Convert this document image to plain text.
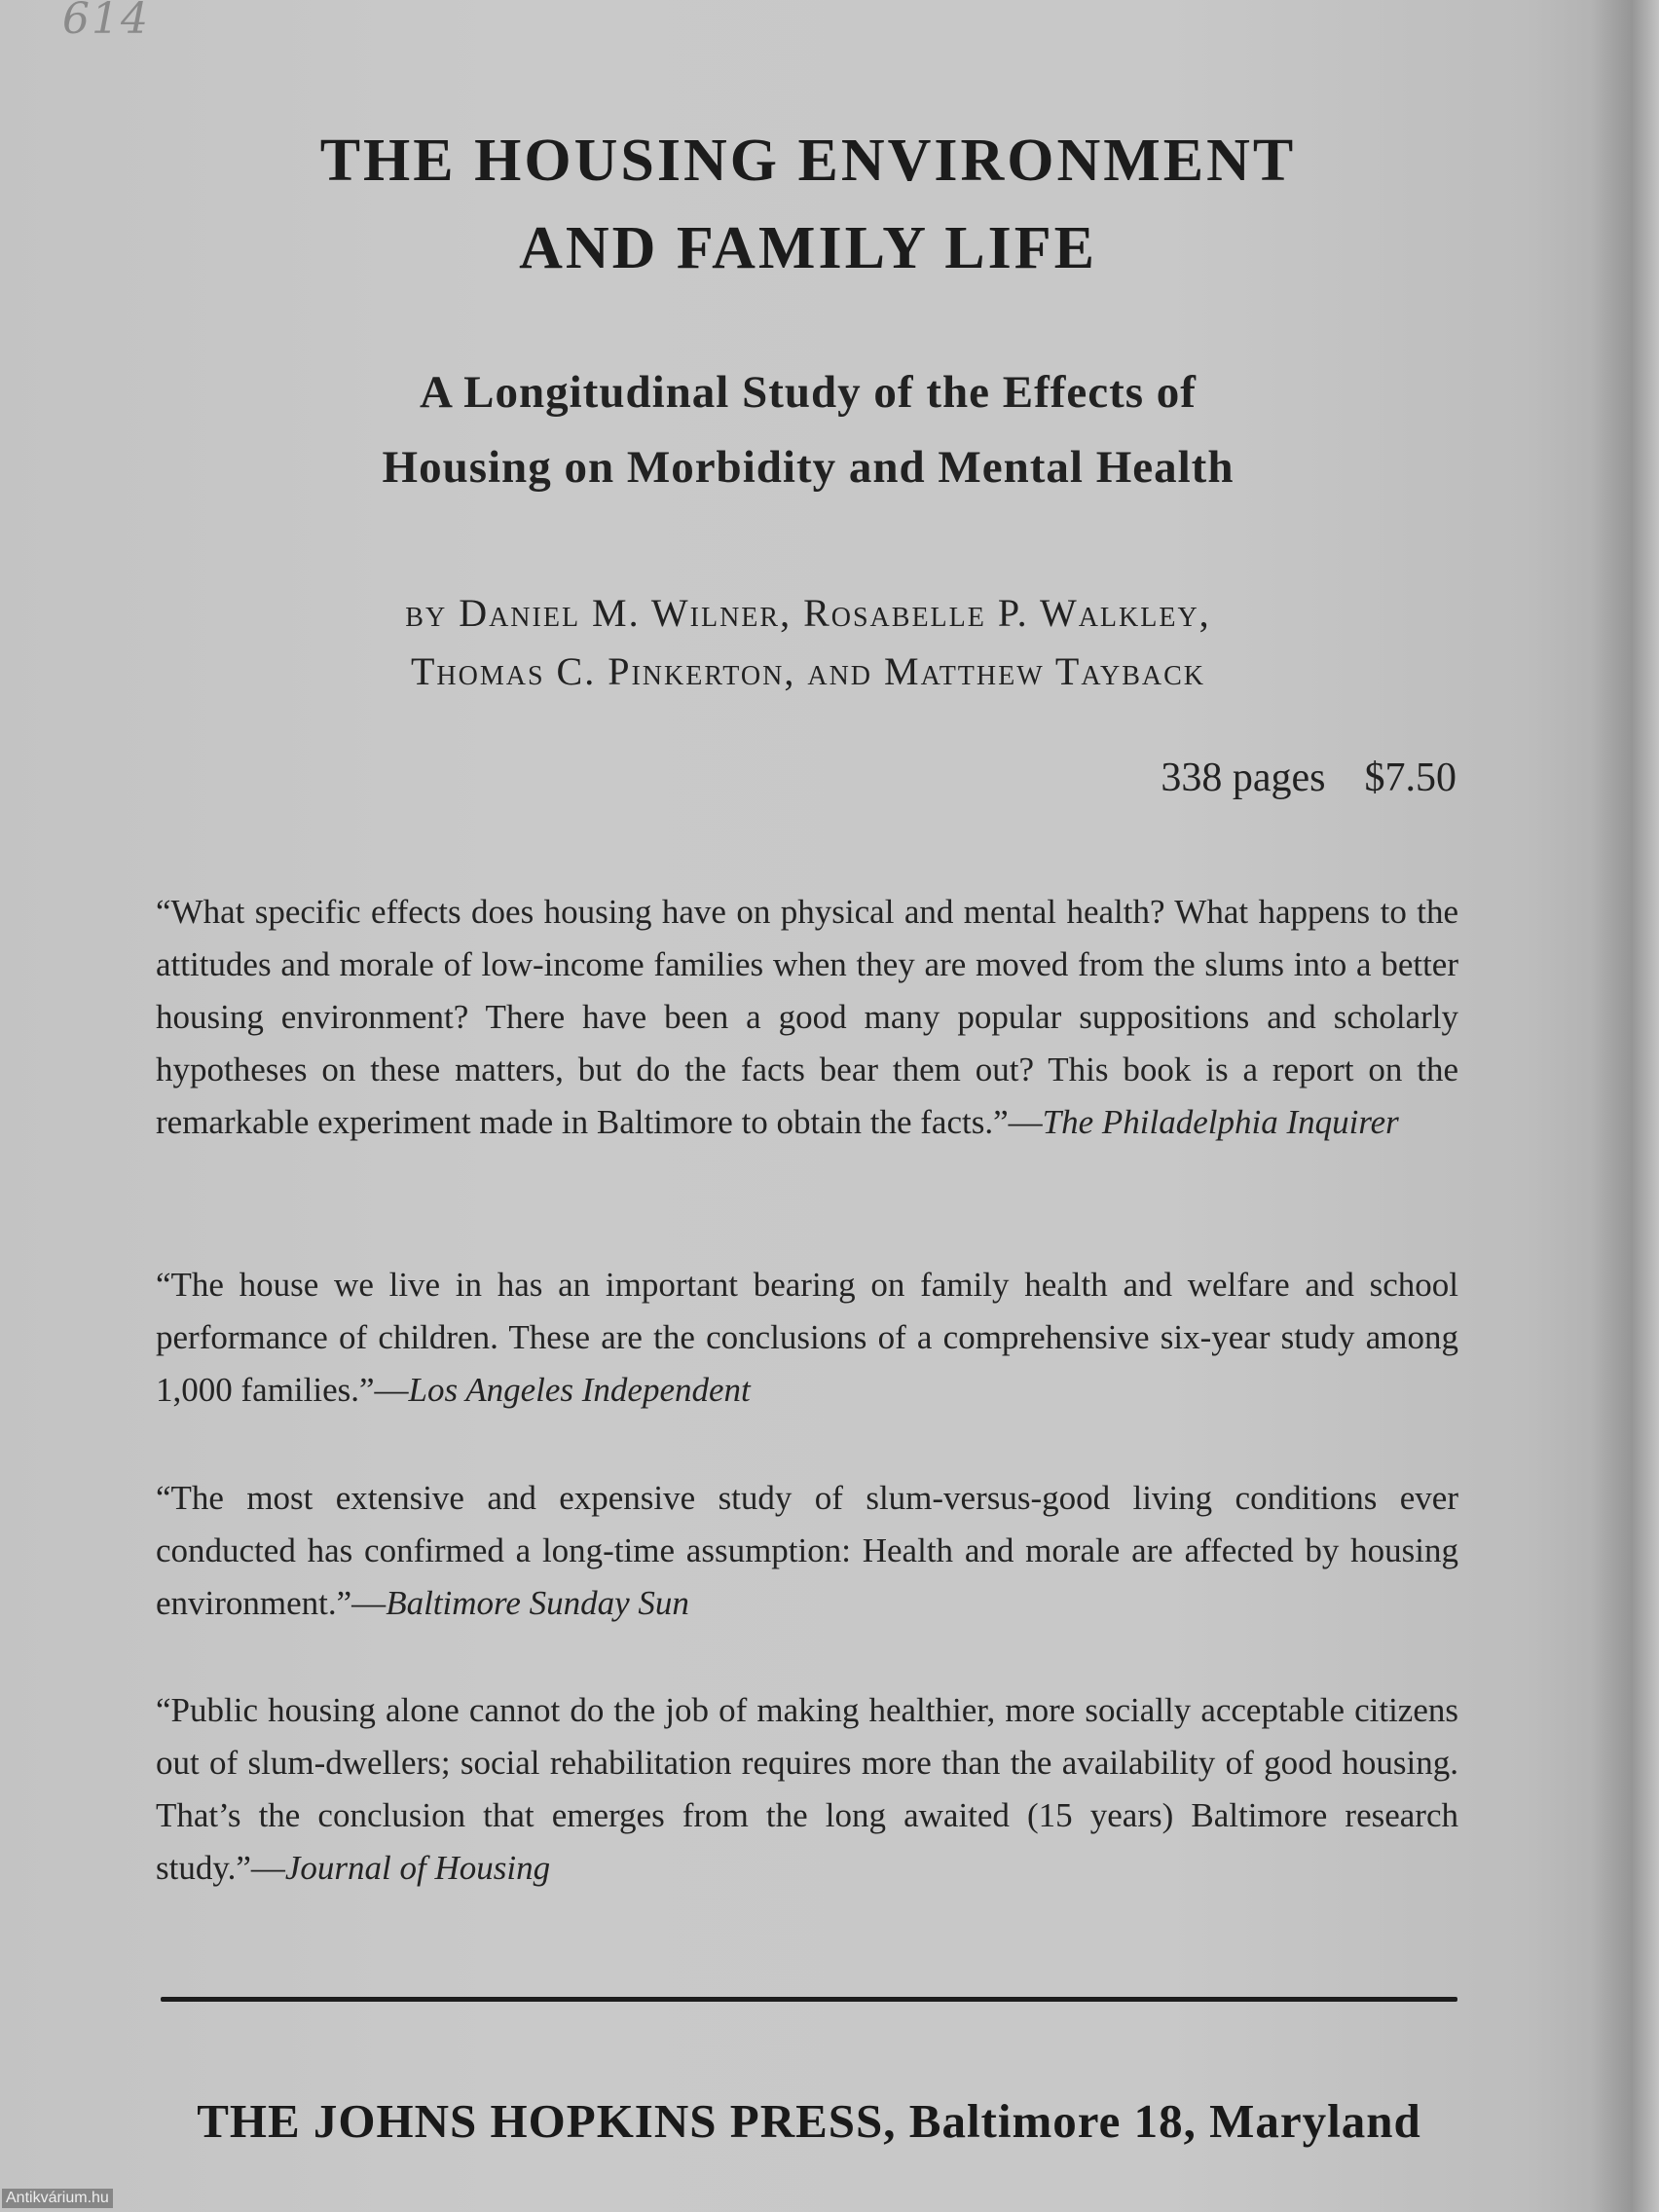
614
THE HOUSING ENVIRONMENT
AND FAMILY LIFE
A Longitudinal Study of the Effects of
Housing on Morbidity and Mental Health
by Daniel M. Wilner, Rosabelle P. Walkley,
Thomas C. Pinkerton, and Matthew Tayback
338 pages $7.50
“What specific effects does housing have on physical and mental health? What happens to the attitudes and morale of low-income families when they are moved from the slums into a better housing environment? There have been a good many popular suppositions and scholarly hypotheses on these matters, but do the facts bear them out? This book is a report on the remarkable experiment made in Baltimore to obtain the facts.”—The Philadelphia Inquirer
“The house we live in has an important bearing on family health and welfare and school performance of children. These are the conclusions of a comprehensive six-year study among 1,000 families.”—Los Angeles Independent
“The most extensive and expensive study of slum-versus-good living conditions ever conducted has confirmed a long-time assumption: Health and morale are affected by housing environment.”—Baltimore Sunday Sun
“Public housing alone cannot do the job of making healthier, more socially acceptable citizens out of slum-dwellers; social rehabilitation requires more than the availability of good housing. That’s the conclusion that emerges from the long awaited (15 years) Baltimore research study.”—Journal of Housing
THE JOHNS HOPKINS PRESS, Baltimore 18, Maryland
Antikvárium.hu
